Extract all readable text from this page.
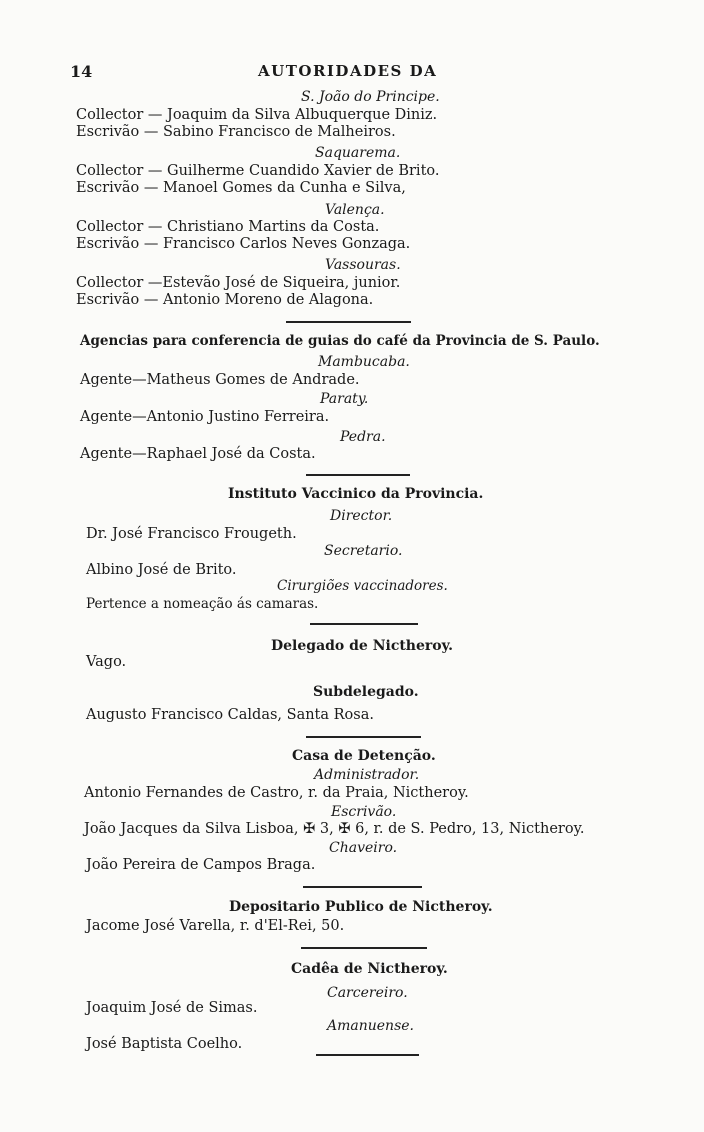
14	AUTORIDADES DA
S. João do Principe.
Collector — Joaquim da Silva Albuquerque Diniz.
Escrivão — Sabino Francisco de Malheiros.
Saquarema.
Collector — Guilherme Cuandido Xavier de Brito.
Escrivão — Manoel Gomes da Cunha e Silva,
Valença.
Collector — Christiano Martins da Costa.
Escrivão — Francisco Carlos Neves Gonzaga.
Vassouras.
Collector —Estevão José de Siqueira, junior.
Escrivão — Antonio Moreno de Alagona.
Agencias para conferencia de guias do café da Provincia de S. Paulo.
Mambucaba.
Agente—Matheus Gomes de Andrade.
Paraty.
Agente—Antonio Justino Ferreira.
Pedra.
Agente—Raphael José da Costa.
Instituto Vaccinico da Provincia.
Director.
Dr. José Francisco Frougeth.
Secretario.
Albino José de Brito.
Cirurgiões vaccinadores.
Pertence a nomeação ás camaras.
Delegado de Nictheroy.
Vago.
Subdelegado.
Augusto Francisco Caldas, Santa Rosa.
Casa de Detenção.
Administrador.
Antonio Fernandes de Castro, r. da Praia, Nictheroy.
Escrivão.
João Jacques da Silva Lisboa, ✠ 3, ✠ 6, r. de S. Pedro, 13, Nictheroy.
Chaveiro.
João Pereira de Campos Braga.
Depositario Publico de Nictheroy.
Jacome José Varella, r. d'El-Rei, 50.
Cadêa de Nictheroy.
Carcereiro.
Joaquim José de Simas.
Amanuense.
José Baptista Coelho.
